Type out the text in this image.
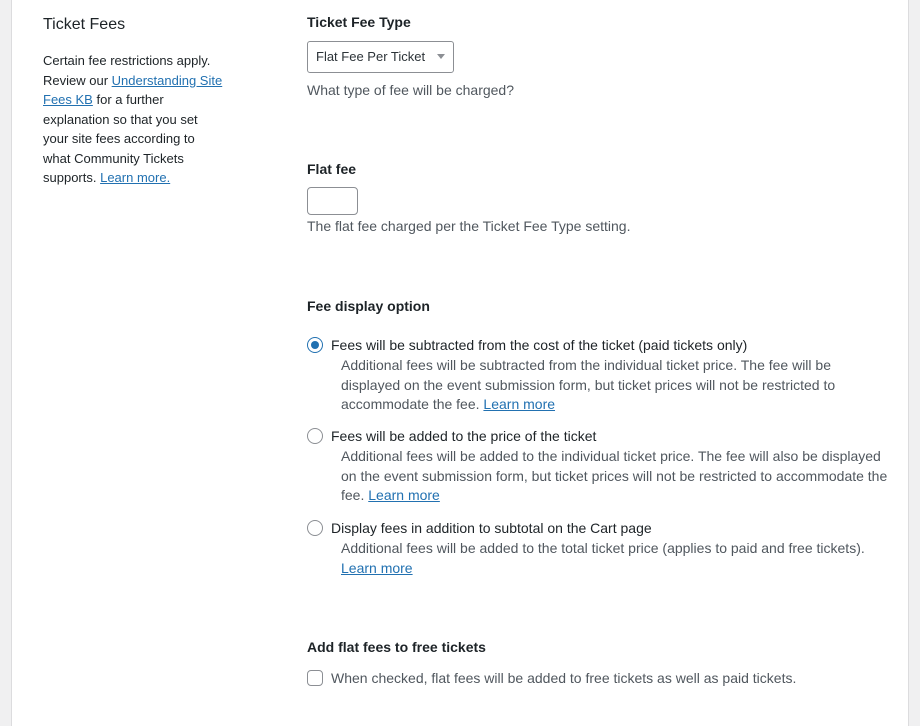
Ticket Fees
Certain fee restrictions apply. Review our Understanding Site Fees KB for a further explanation so that you set your site fees according to what Community Tickets supports. Learn more.
Ticket Fee Type
Flat Fee Per Ticket
What type of fee will be charged?
Flat fee
The flat fee charged per the Ticket Fee Type setting.
Fee display option
Fees will be subtracted from the cost of the ticket (paid tickets only)
Additional fees will be subtracted from the individual ticket price. The fee will be displayed on the event submission form, but ticket prices will not be restricted to accommodate the fee. Learn more
Fees will be added to the price of the ticket
Additional fees will be added to the individual ticket price. The fee will also be displayed on the event submission form, but ticket prices will not be restricted to accommodate the fee. Learn more
Display fees in addition to subtotal on the Cart page
Additional fees will be added to the total ticket price (applies to paid and free tickets). Learn more
Add flat fees to free tickets
When checked, flat fees will be added to free tickets as well as paid tickets.
